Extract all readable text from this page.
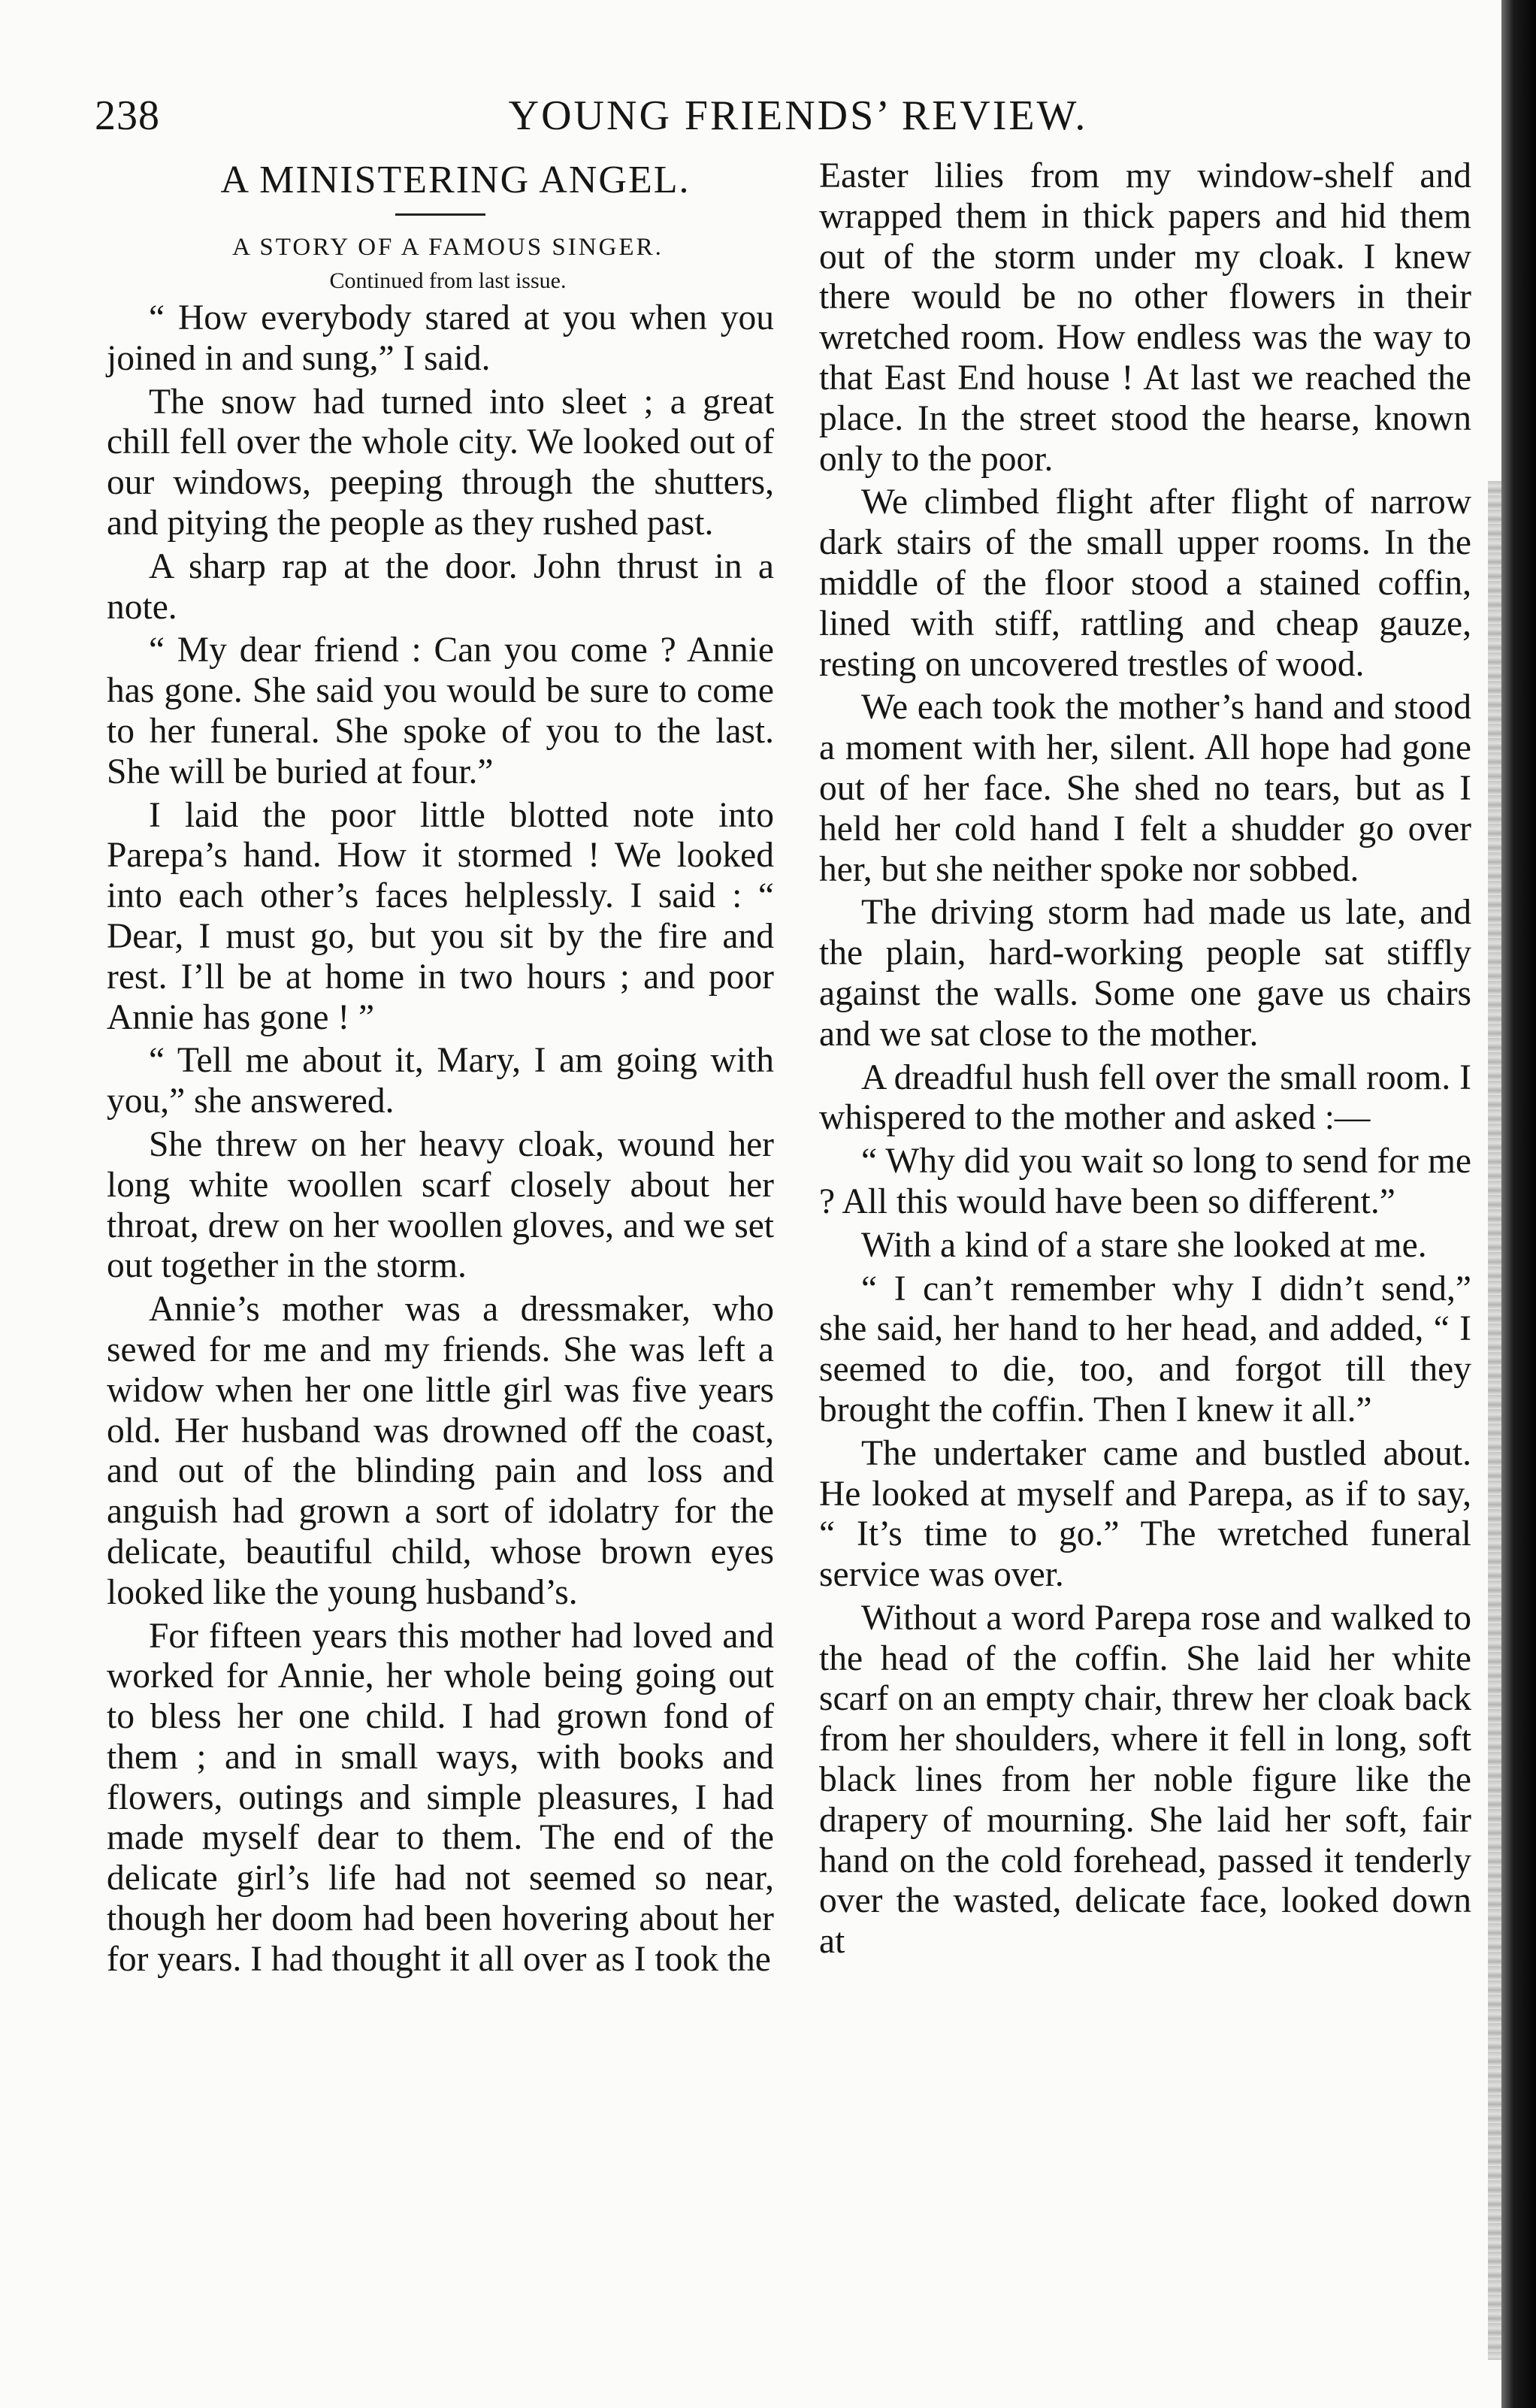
238	YOUNG FRIENDS’ REVIEW.
A MINISTERING ANGEL.
A STORY OF A FAMOUS SINGER.
Continued from last issue.

“ How everybody stared at you when you joined in and sung,” I said.

The snow had turned into sleet ; a great chill fell over the whole city. We looked out of our windows, peeping through the shutters, and pitying the people as they rushed past.

A sharp rap at the door. John thrust in a note.

“ My dear friend : Can you come ? Annie has gone. She said you would be sure to come to her funeral. She spoke of you to the last. She will be buried at four.”

I laid the poor little blotted note into Parepa’s hand. How it stormed ! We looked into each other’s faces helplessly. I said : “ Dear, I must go, but you sit by the fire and rest. I’ll be at home in two hours ; and poor Annie has gone ! ”

“ Tell me about it, Mary, I am going with you,” she answered.

She threw on her heavy cloak, wound her long white woollen scarf closely about her throat, drew on her woollen gloves, and we set out together in the storm.

Annie’s mother was a dressmaker, who sewed for me and my friends. She was left a widow when her one little girl was five years old. Her husband was drowned off the coast, and out of the blinding pain and loss and anguish had grown a sort of idolatry for the delicate, beautiful child, whose brown eyes looked like the young husband’s.

For fifteen years this mother had loved and worked for Annie, her whole being going out to bless her one child. I had grown fond of them ; and in small ways, with books and flowers, outings and simple pleasures, I had made myself dear to them. The end of the delicate girl’s life had not seemed so near, though her doom had been hovering about her for years. I had thought it all over as I took the

Easter lilies from my window-shelf and wrapped them in thick papers and hid them out of the storm under my cloak. I knew there would be no other flowers in their wretched room. How endless was the way to that East End house ! At last we reached the place. In the street stood the hearse, known only to the poor.

We climbed flight after flight of narrow dark stairs of the small upper rooms. In the middle of the floor stood a stained coffin, lined with stiff, rattling and cheap gauze, resting on uncovered trestles of wood.

We each took the mother’s hand and stood a moment with her, silent. All hope had gone out of her face. She shed no tears, but as I held her cold hand I felt a shudder go over her, but she neither spoke nor sobbed.

The driving storm had made us late, and the plain, hard-working people sat stiffly against the walls. Some one gave us chairs and we sat close to the mother.

A dreadful hush fell over the small room. I whispered to the mother and asked :—

“ Why did you wait so long to send for me ? All this would have been so different.”

With a kind of a stare she looked at me.

“ I can’t remember why I didn’t send,” she said, her hand to her head, and added, “ I seemed to die, too, and forgot till they brought the coffin. Then I knew it all.”

The undertaker came and bustled about. He looked at myself and Parepa, as if to say, “ It’s time to go.” The wretched funeral service was over.

Without a word Parepa rose and walked to the head of the coffin. She laid her white scarf on an empty chair, threw her cloak back from her shoulders, where it fell in long, soft black lines from her noble figure like the drapery of mourning. She laid her soft, fair hand on the cold forehead, passed it tenderly over the wasted, delicate face, looked down at
